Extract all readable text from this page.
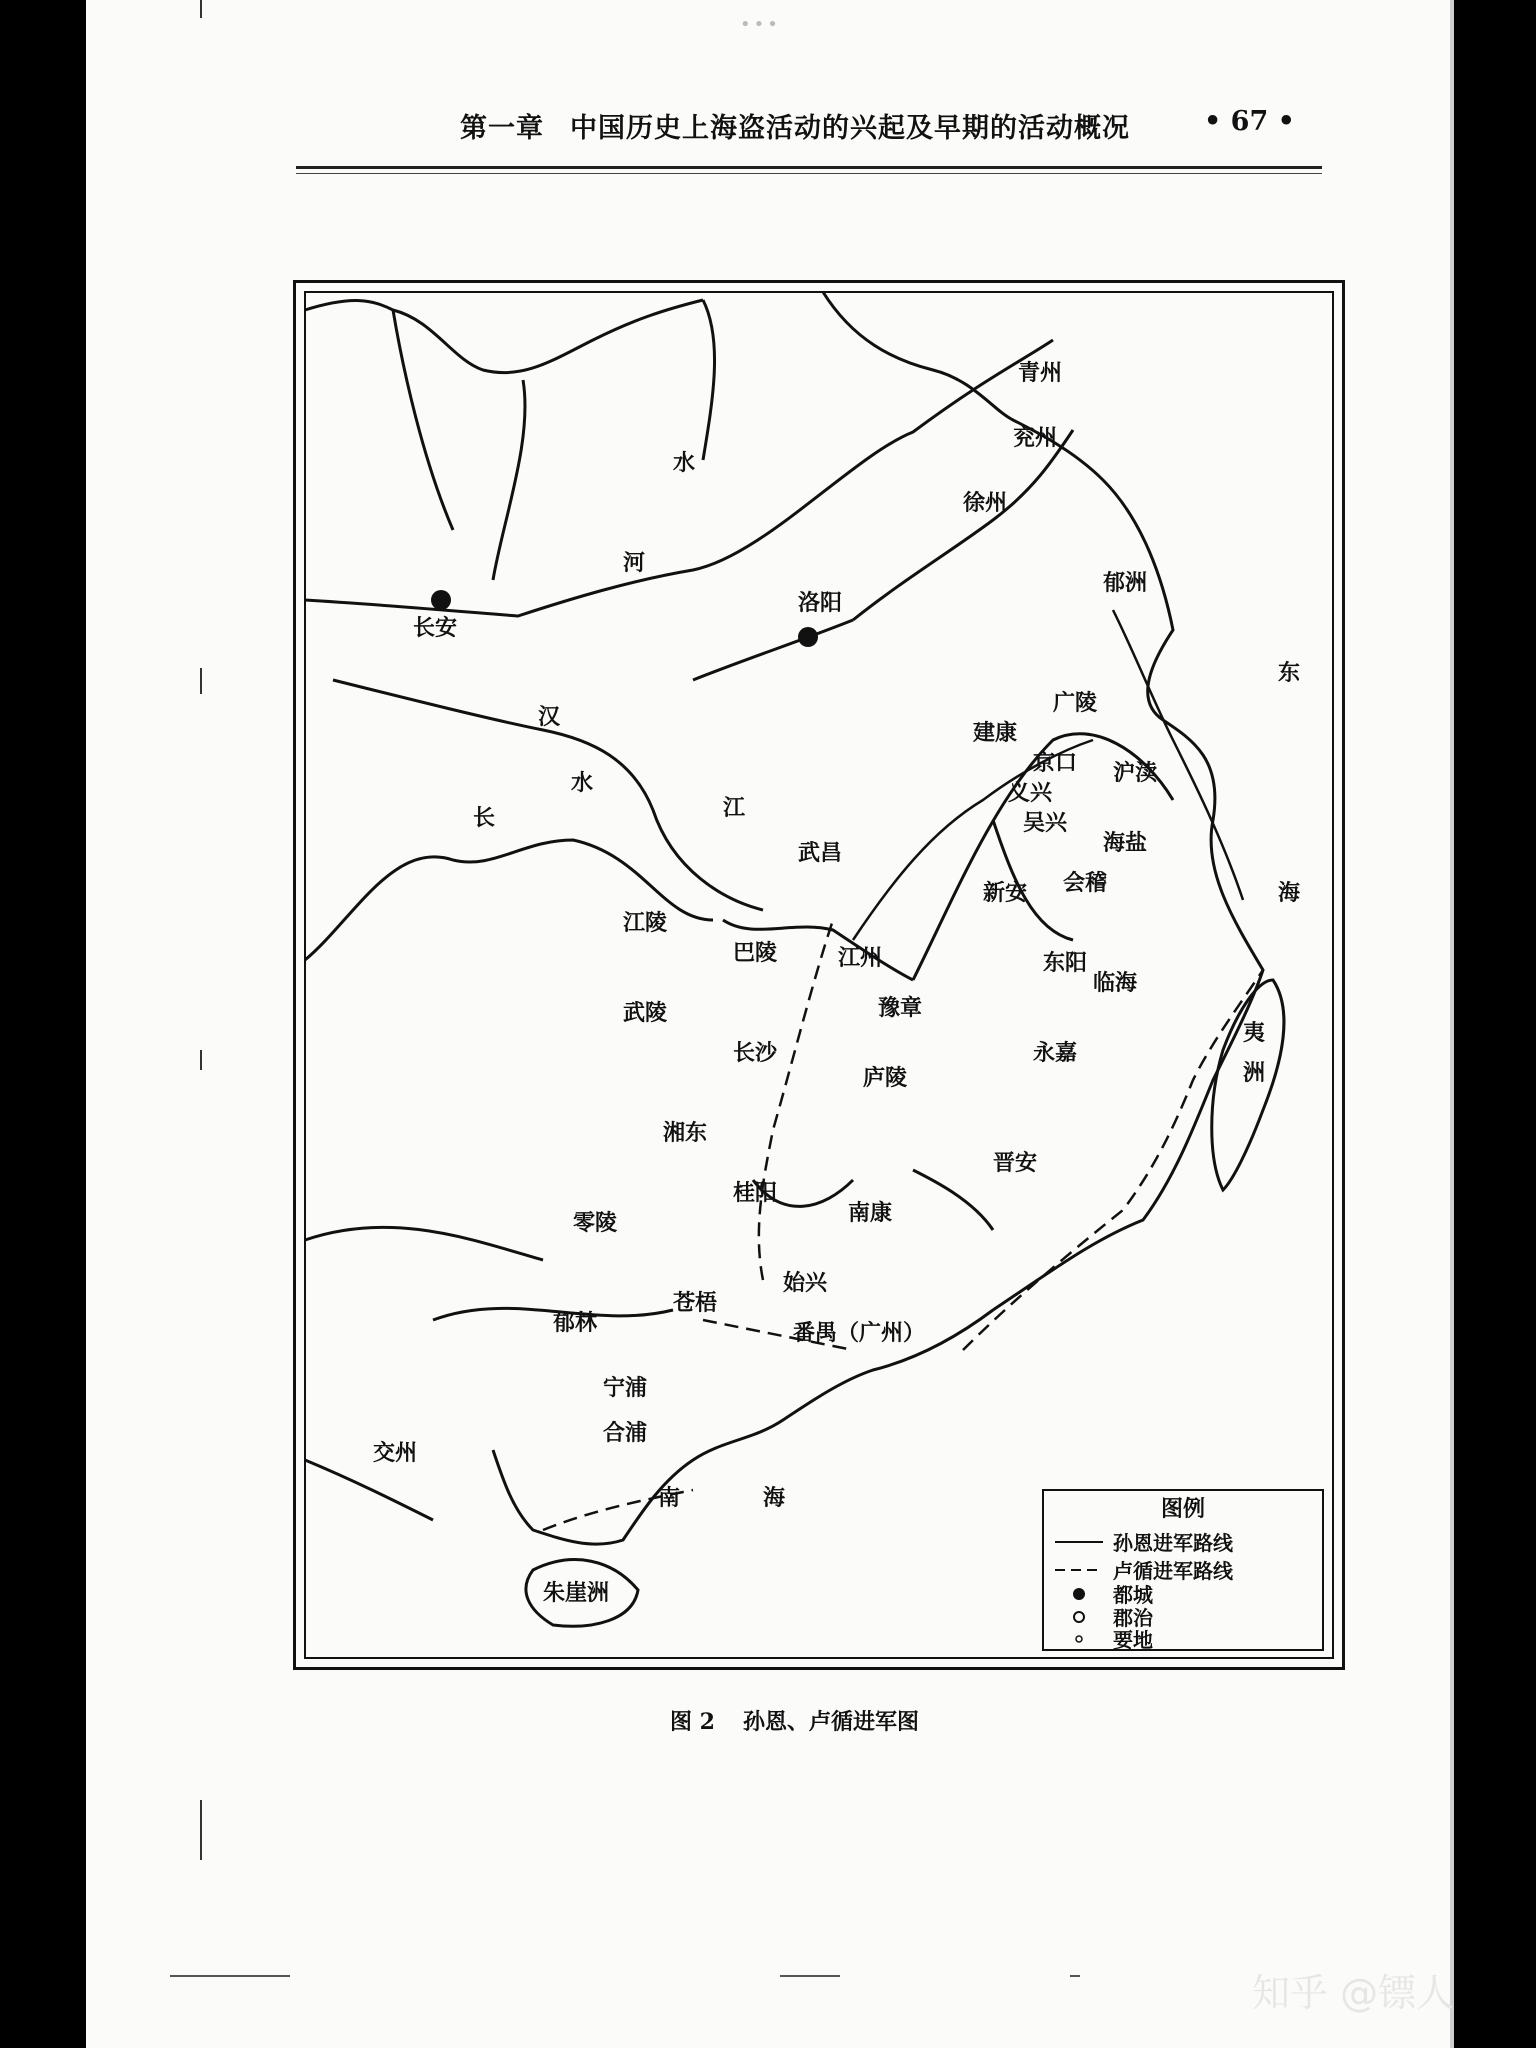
•••
第一章 中国历史上海盗活动的兴起及早期的活动概况	• 67 •
河
水
汉
水
长	江
东
海
南	海
夷
洲
朱崖洲
长安
洛阳
青州
兖州
徐州
郁洲
广陵
建康
京口 沪渎
义兴
吴兴
海盐
会稽
新安
东阳
临海
永嘉
晋安
武昌
江陵
巴陵
武陵
江州
豫章
长沙
庐陵
湘东
桂阳
南康
零陵
始兴
苍梧
郁林	番禺（广州）
宁浦
合浦
交州
图例
孙恩进军路线
卢循进军路线
都城
郡治
要地
图 2 孙恩、卢循进军图
知乎 @镖人
